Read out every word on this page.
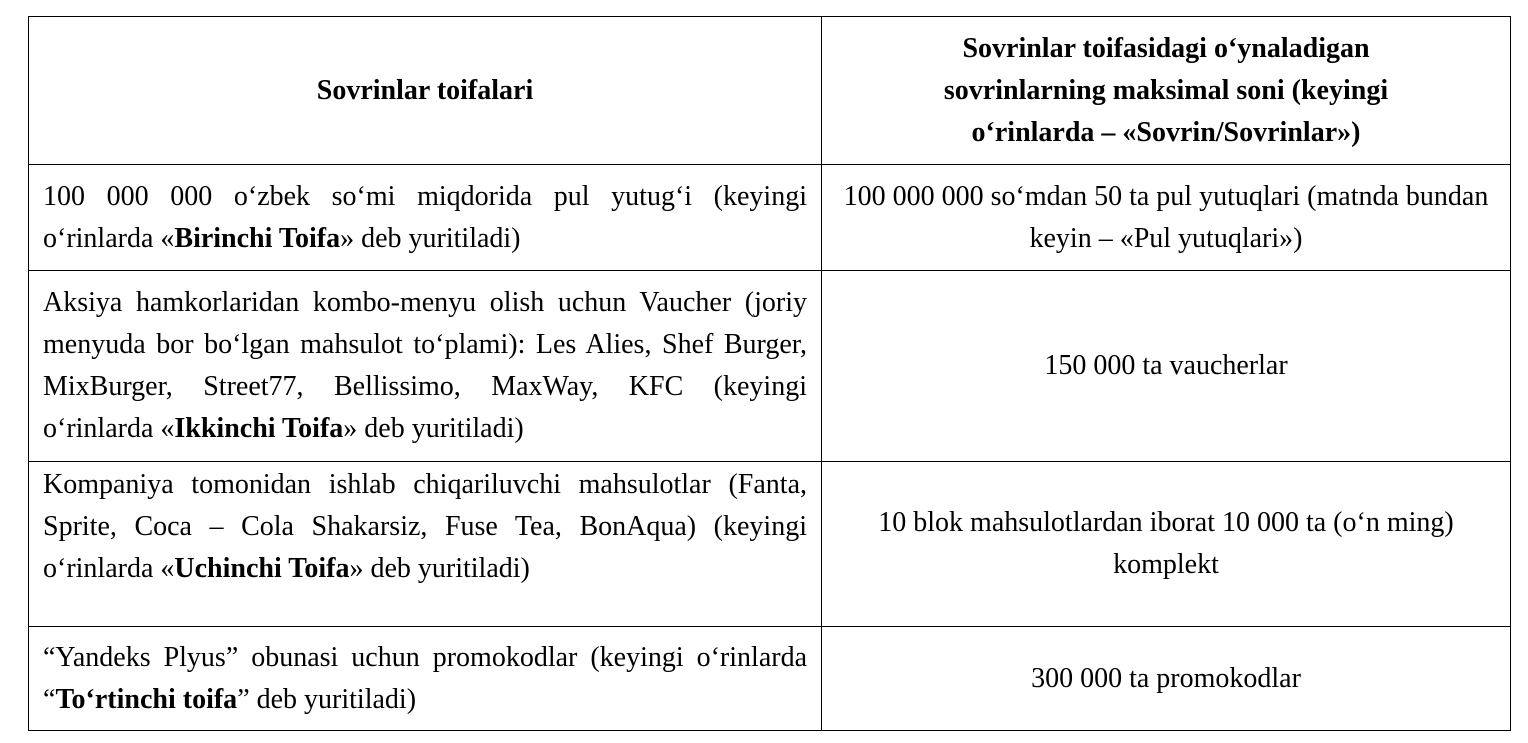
Sovrinlar toifalari	Sovrinlar toifasidagi o‘ynaladigan sovrinlarning maksimal soni (keyingi o‘rinlarda – «Sovrin/Sovrinlar»)
100 000 000 o‘zbek so‘mi miqdorida pul yutug‘i (keyingi o‘rinlarda «Birinchi Toifa» deb yuritiladi)	100 000 000 so‘mdan 50 ta pul yutuqlari (matnda bundan keyin – «Pul yutuqlari»)
Aksiya hamkorlaridan kombo-menyu olish uchun Vaucher (joriy menyuda bor bo‘lgan mahsulot to‘plami): Les Alies, Shef Burger, MixBurger, Street77, Bellissimo, MaxWay, KFC (keyingi o‘rinlarda «Ikkinchi Toifa» deb yuritiladi)	150 000 ta vaucherlar
Kompaniya tomonidan ishlab chiqariluvchi mahsulotlar (Fanta, Sprite, Coca – Cola Shakarsiz, Fuse Tea, BonAqua) (keyingi o‘rinlarda «Uchinchi Toifa» deb yuritiladi)	10 blok mahsulotlardan iborat 10 000 ta (o‘n ming) komplekt
“Yandeks Plyus” obunasi uchun promokodlar (keyingi o‘rinlarda “To‘rtinchi toifa” deb yuritiladi)	300 000 ta promokodlar
